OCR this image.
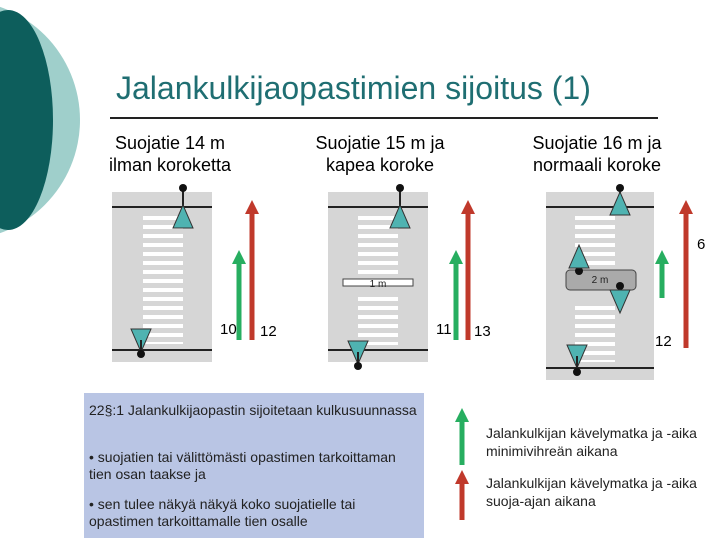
Jalankulkijaopastimien sijoitus (1)
Suojatie 14 m
ilman koroketta
Suojatie 15 m ja
kapea koroke
Suojatie 16 m ja
normaali koroke
1 m	2 m
10 12	11 13
6
12

22§:1 Jalankulkijaopastin sijoitetaan kulkusuunnassa

• suojatien tai välittömästi opastimen tarkoittaman tien osan taakse ja

• sen tulee näkyä näkyä koko suojatielle tai opastimen tarkoittamalle tien osalle

Jalankulkijan kävelymatka ja -aika minimivihreän aikana
Jalankulkijan kävelymatka ja -aika suoja-ajan aikana
